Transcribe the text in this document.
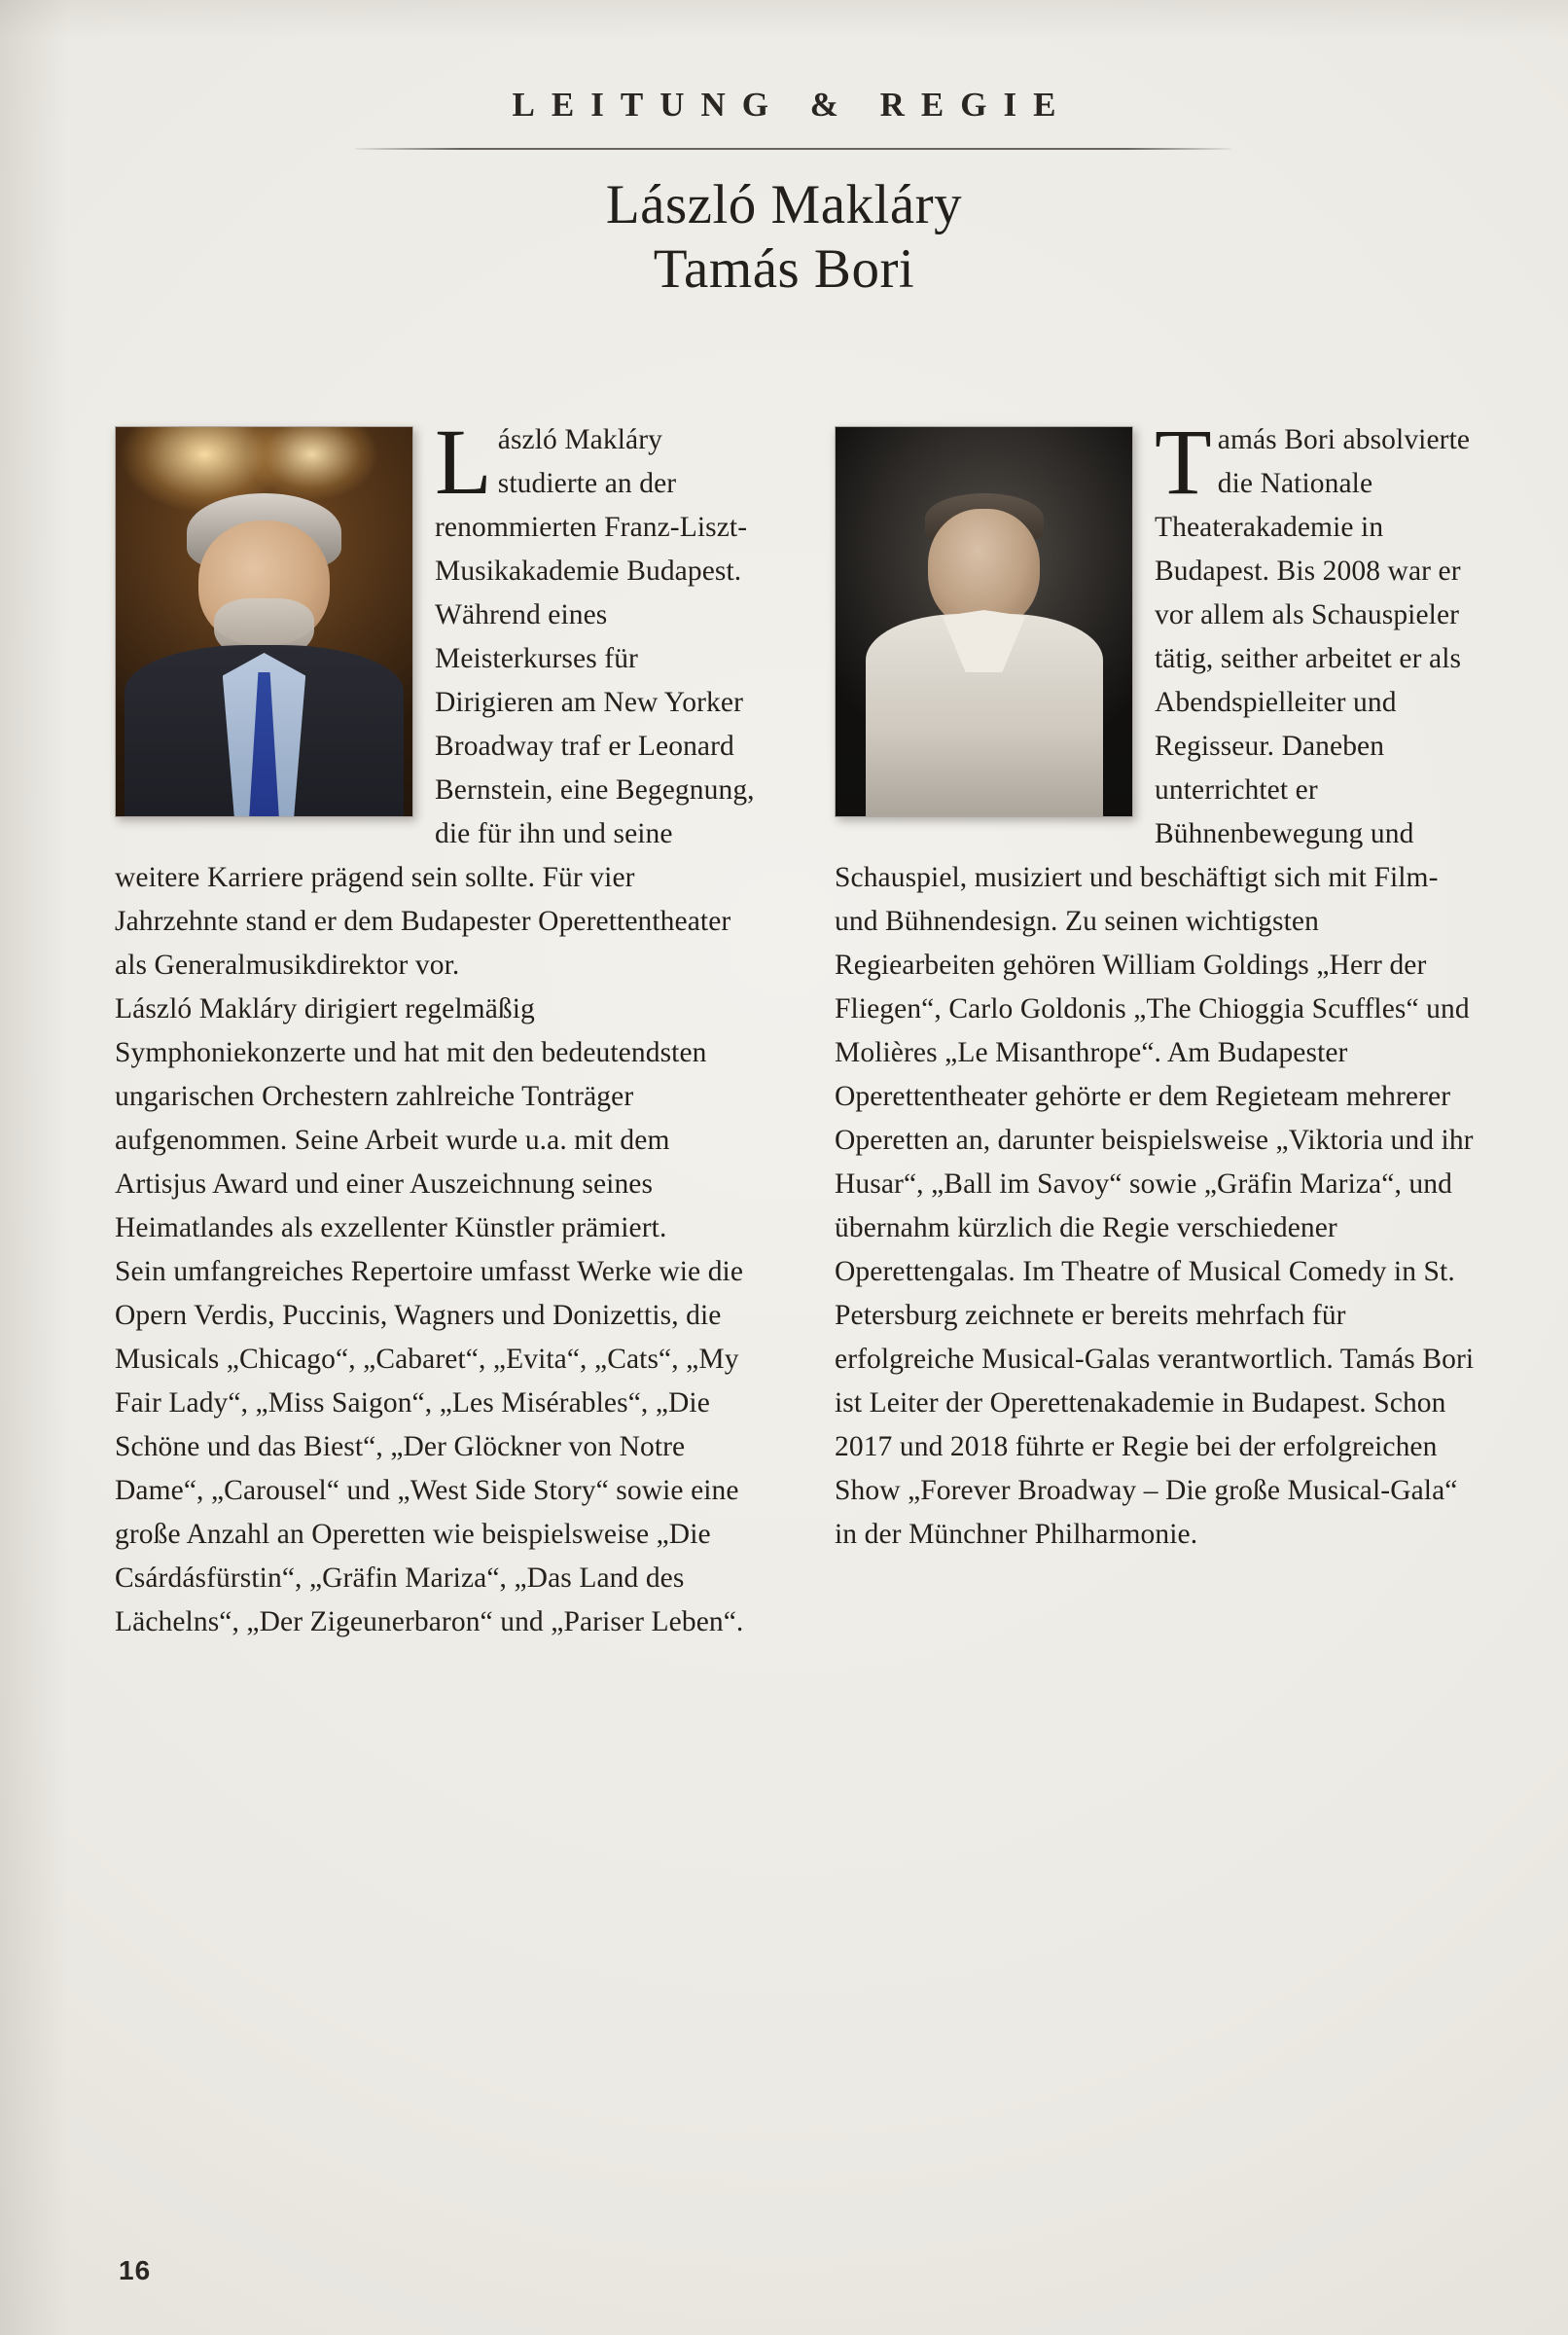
LEITUNG & REGIE
László Makláry
Tamás Bori

László Makláry studierte an der renommierten Franz-Liszt-Musikakademie Budapest. Während eines Meisterkurses für Dirigieren am New Yorker Broadway traf er Leonard Bernstein, eine Begegnung, die für ihn und seine weitere Karriere prägend sein sollte. Für vier Jahrzehnte stand er dem Budapester Operettentheater als Generalmusikdirektor vor.

László Makláry dirigiert regelmäßig Symphoniekonzerte und hat mit den bedeutendsten ungarischen Orchestern zahlreiche Tonträger aufgenommen. Seine Arbeit wurde u.a. mit dem Artisjus Award und einer Auszeichnung seines Heimatlandes als exzellenter Künstler prämiert.

Sein umfangreiches Repertoire umfasst Werke wie die Opern Verdis, Puccinis, Wagners und Donizettis, die Musicals „Chicago“, „Cabaret“, „Evita“, „Cats“, „My Fair Lady“, „Miss Saigon“, „Les Misérables“, „Die Schöne und das Biest“, „Der Glöckner von Notre Dame“, „Carousel“ und „West Side Story“ sowie eine große Anzahl an Operetten wie beispielsweise „Die Csárdásfürstin“, „Gräfin Mariza“, „Das Land des Lächelns“, „Der Zigeunerbaron“ und „Pariser Leben“.

Tamás Bori absolvierte die Nationale Theaterakademie in Budapest. Bis 2008 war er vor allem als Schauspieler tätig, seither arbeitet er als Abendspielleiter und Regisseur. Daneben unterrichtet er Bühnenbewegung und Schauspiel, musiziert und beschäftigt sich mit Film- und Bühnendesign. Zu seinen wichtigsten Regiearbeiten gehören William Goldings „Herr der Fliegen“, Carlo Goldonis „The Chioggia Scuffles“ und Molières „Le Misanthrope“. Am Budapester Operettentheater gehörte er dem Regieteam mehrerer Operetten an, darunter beispielsweise „Viktoria und ihr Husar“, „Ball im Savoy“ sowie „Gräfin Mariza“, und übernahm kürzlich die Regie verschiedener Operettengalas. Im Theatre of Musical Comedy in St. Petersburg zeichnete er bereits mehrfach für erfolgreiche Musical-Galas verantwortlich. Tamás Bori ist Leiter der Operettenakademie in Budapest. Schon 2017 und 2018 führte er Regie bei der erfolgreichen Show „Forever Broadway – Die große Musical-Gala“ in der Münchner Philharmonie.

16
